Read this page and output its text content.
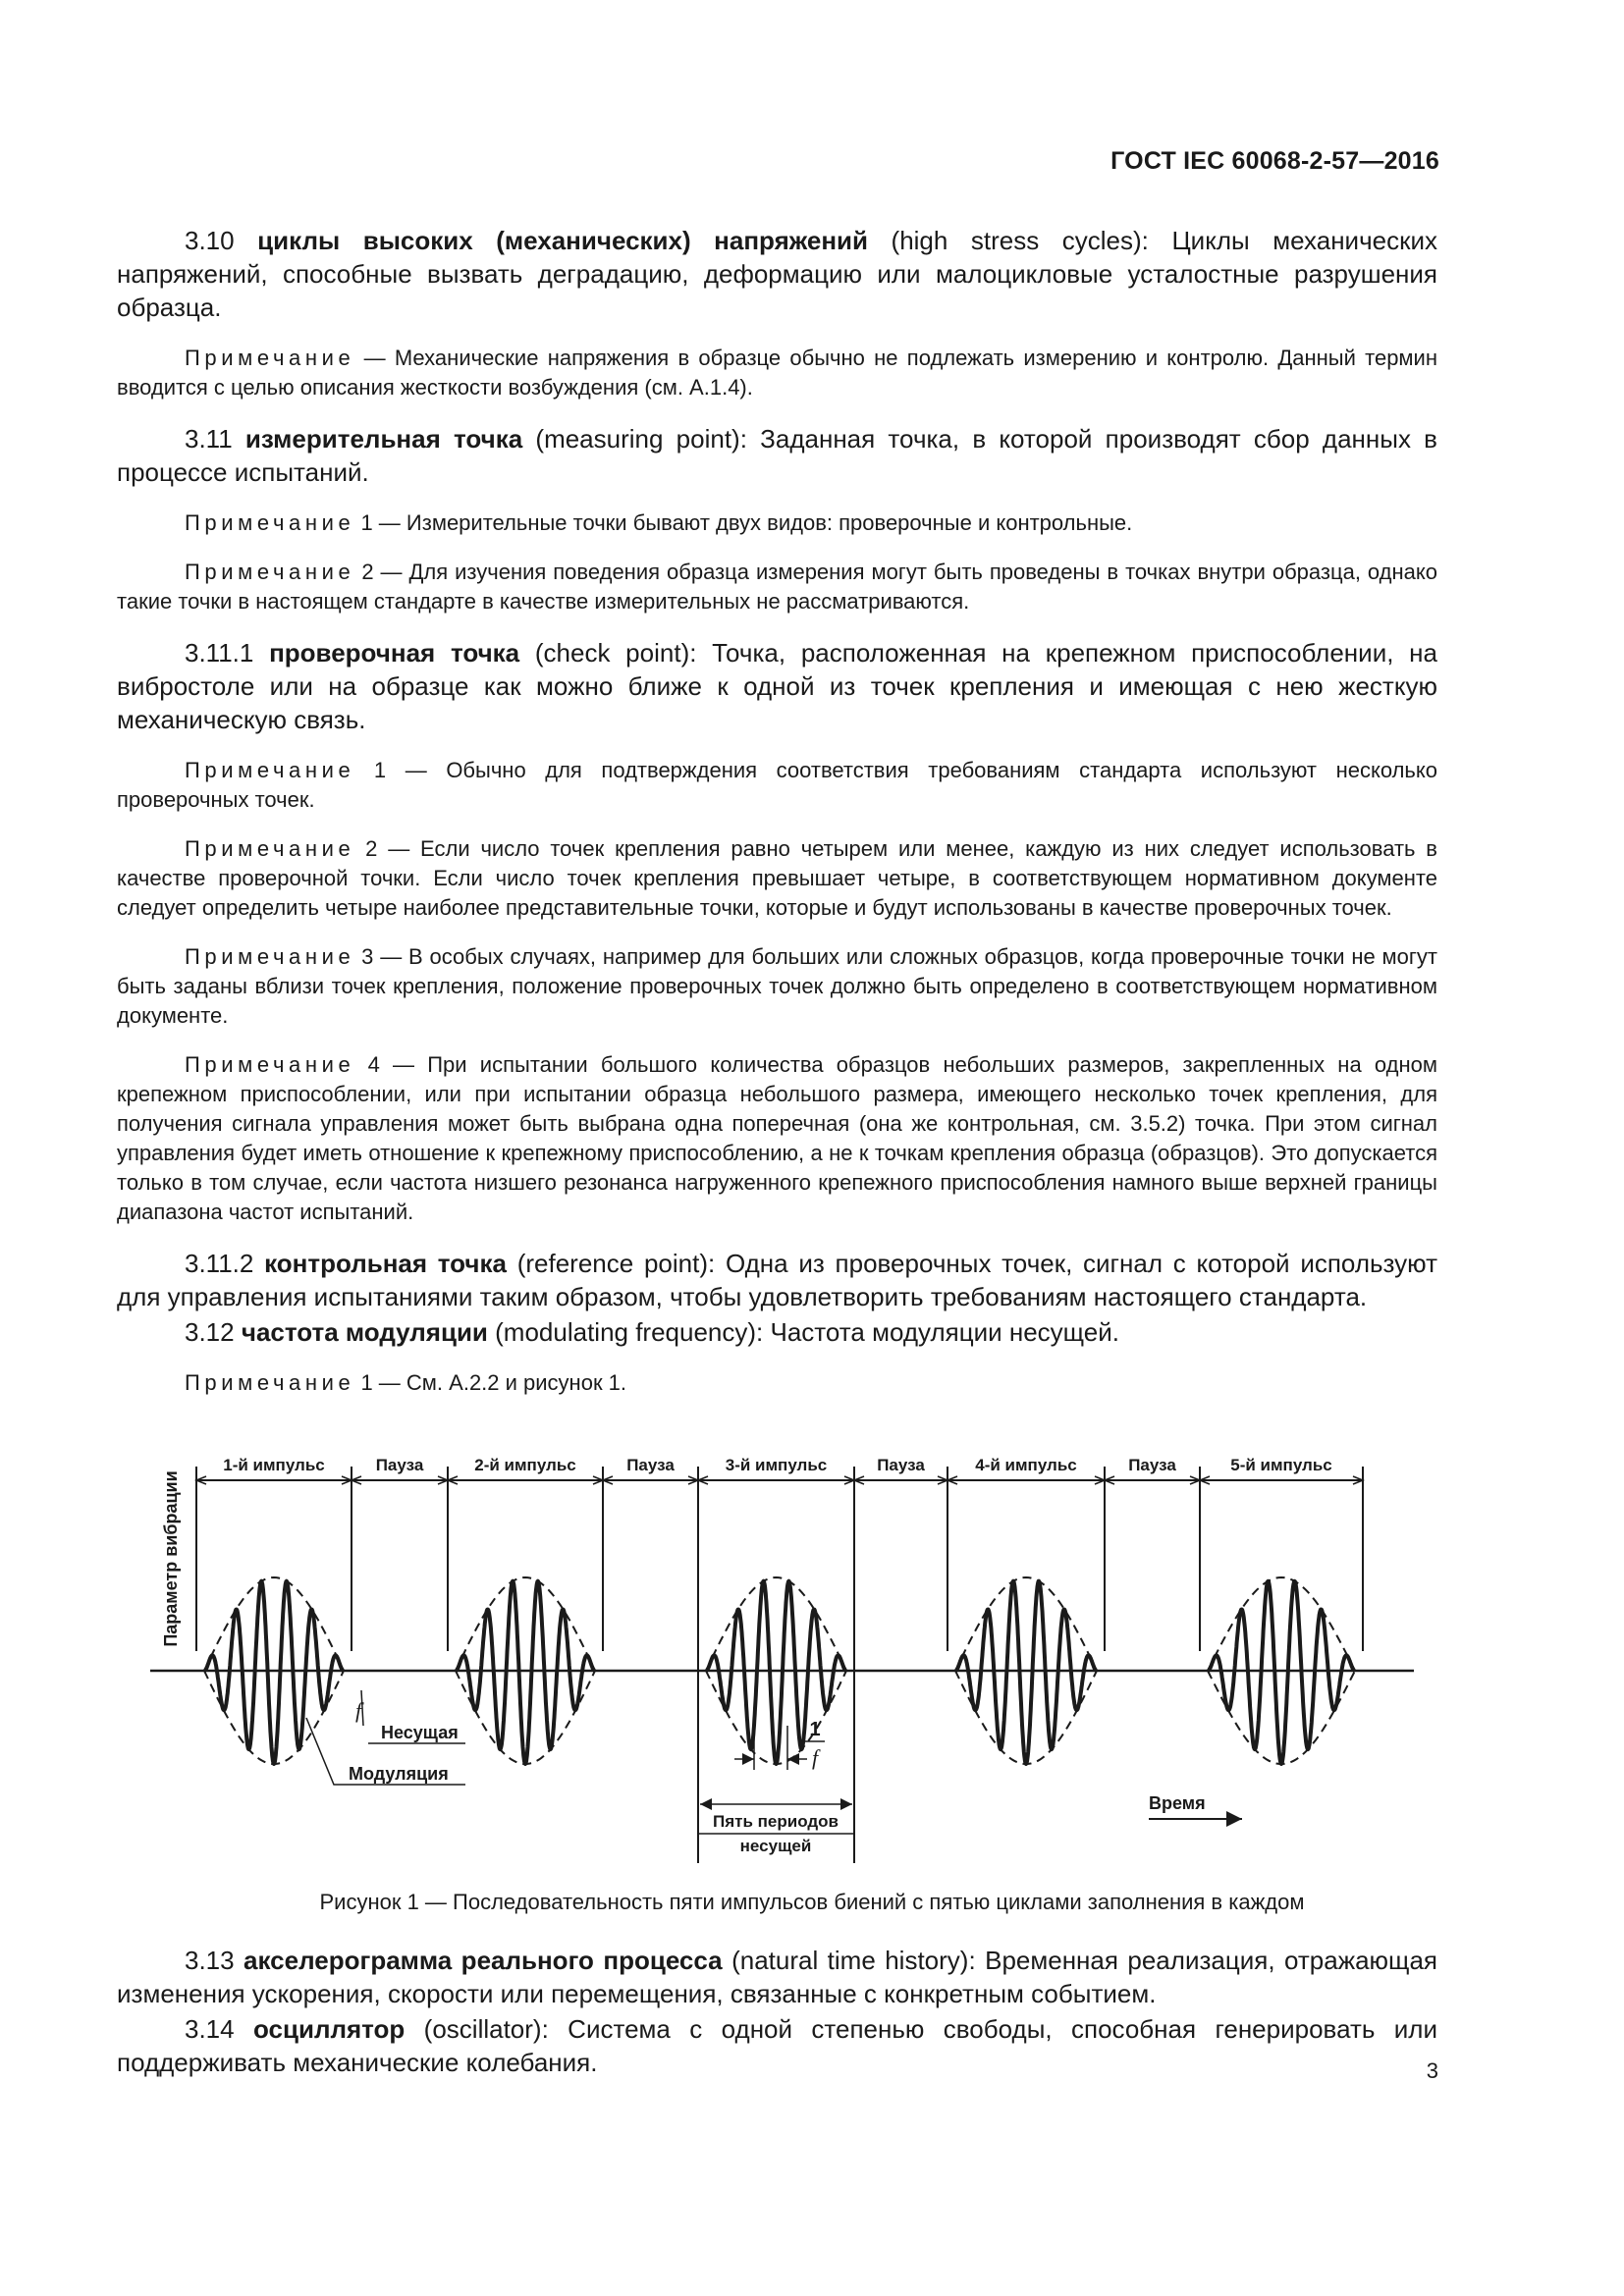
ГОСТ IEC 60068-2-57—2016

3.10 циклы высоких (механических) напряжений (high stress cycles): Циклы механических напряжений, способные вызвать деградацию, деформацию или малоцикловые усталостные разрушения образца.

Примечание — Механические напряжения в образце обычно не подлежать измерению и контролю. Данный термин вводится с целью описания жесткости возбуждения (см. А.1.4).

3.11 измерительная точка (measuring point): Заданная точка, в которой производят сбор данных в процессе испытаний.

Примечание 1 — Измерительные точки бывают двух видов: проверочные и контрольные.

Примечание 2 — Для изучения поведения образца измерения могут быть проведены в точках внутри образца, однако такие точки в настоящем стандарте в качестве измерительных не рассматриваются.

3.11.1 проверочная точка (check point): Точка, расположенная на крепежном приспособлении, на вибростоле или на образце как можно ближе к одной из точек крепления и имеющая с нею жесткую механическую связь.

Примечание 1 — Обычно для подтверждения соответствия требованиям стандарта используют несколько проверочных точек.

Примечание 2 — Если число точек крепления равно четырем или менее, каждую из них следует использовать в качестве проверочной точки. Если число точек крепления превышает четыре, в соответствующем нормативном документе следует определить четыре наиболее представительные точки, которые и будут использованы в качестве проверочных точек.

Примечание 3 — В особых случаях, например для больших или сложных образцов, когда проверочные точки не могут быть заданы вблизи точек крепления, положение проверочных точек должно быть определено в соответствующем нормативном документе.

Примечание 4 — При испытании большого количества образцов небольших размеров, закрепленных на одном крепежном приспособлении, или при испытании образца небольшого размера, имеющего несколько точек крепления, для получения сигнала управления может быть выбрана одна поперечная (она же контрольная, см. 3.5.2) точка. При этом сигнал управления будет иметь отношение к крепежному приспособлению, а не к точкам крепления образца (образцов). Это допускается только в том случае, если частота низшего резонанса нагруженного крепежного приспособления намного выше верхней границы диапазона частот испытаний.

3.11.2 контрольная точка (reference point): Одна из проверочных точек, сигнал с которой используют для управления испытаниями таким образом, чтобы удовлетворить требованиям настоящего стандарта.

3.12 частота модуляции (modulating frequency): Частота модуляции несущей.

Примечание 1 — См. А.2.2 и рисунок 1.

Параметр вибрации
f
Несущая
Модуляция
1
f
Пять периодов
несущей
Время
1-й импульс	Пауза	2-й импульс	Пауза	3-й импульс	Пауза	4-й импульс	Пауза	5-й импульс
Рисунок 1 — Последовательность пяти импульсов биений с пятью циклами заполнения в каждом

3.13 акселерограмма реального процесса (natural time history): Временная реализация, отражающая изменения ускорения, скорости или перемещения, связанные с конкретным событием.

3.14 осциллятор (oscillator): Система с одной степенью свободы, способная генерировать или поддерживать механические колебания.	3
